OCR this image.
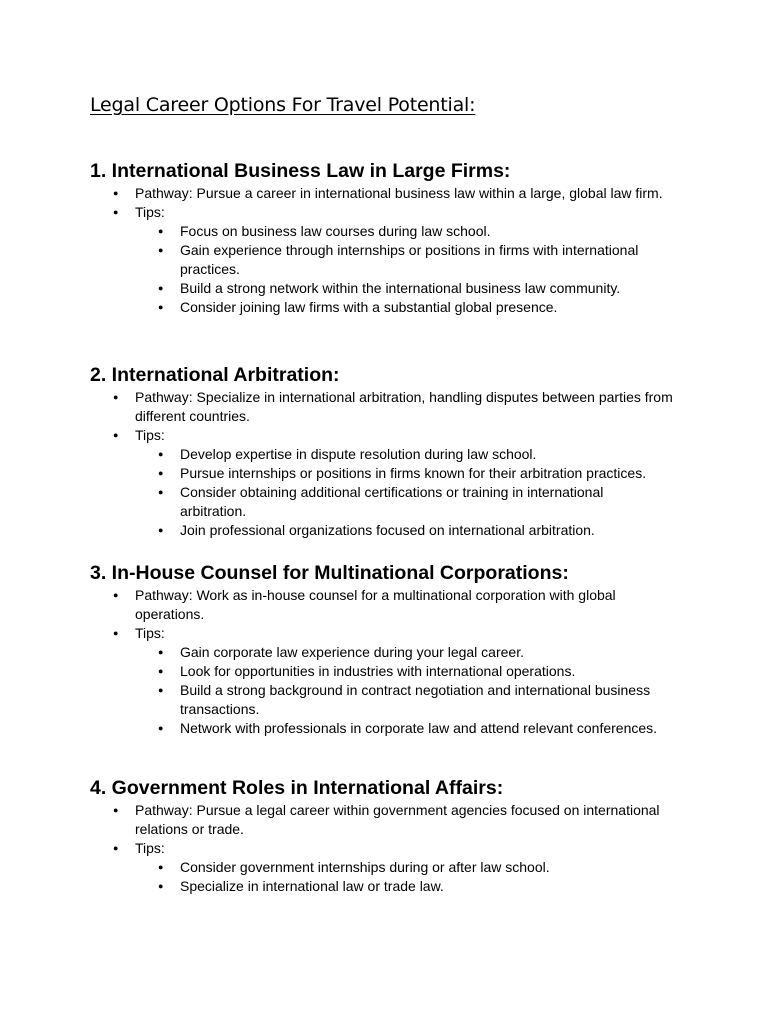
Legal Career Options For Travel Potential:
1. International Business Law in Large Firms:
● Pathway: Pursue a career in international business law within a large, global law firm.
● Tips:
● Focus on business law courses during law school.
● Gain experience through internships or positions in firms with international practices.
● Build a strong network within the international business law community.
● Consider joining law firms with a substantial global presence.
2. International Arbitration:
● Pathway: Specialize in international arbitration, handling disputes between parties from different countries.
● Tips:
● Develop expertise in dispute resolution during law school.
● Pursue internships or positions in firms known for their arbitration practices.
● Consider obtaining additional certifications or training in international arbitration.
● Join professional organizations focused on international arbitration.
3. In-House Counsel for Multinational Corporations:
● Pathway: Work as in-house counsel for a multinational corporation with global operations.
● Tips:
● Gain corporate law experience during your legal career.
● Look for opportunities in industries with international operations.
● Build a strong background in contract negotiation and international business transactions.
● Network with professionals in corporate law and attend relevant conferences.
4. Government Roles in International Affairs:
● Pathway: Pursue a legal career within government agencies focused on international relations or trade.
● Tips:
● Consider government internships during or after law school.
● Specialize in international law or trade law.
